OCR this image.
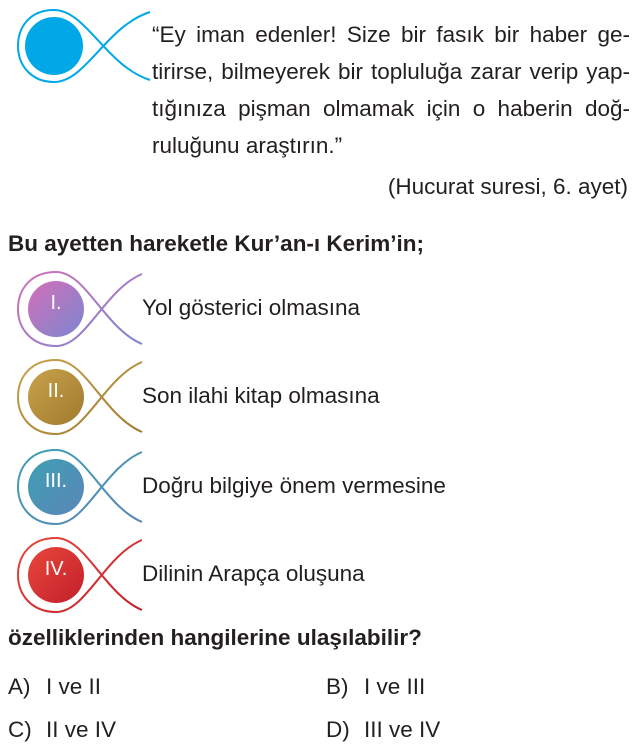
“Ey iman edenler! Size bir fasık bir haber ge-
tirirse, bilmeyerek bir topluluğa zarar verip yap-
tığınıza pişman olmamak için o haberin doğ-
ruluğunu araştırın.”
(Hucurat suresi, 6. ayet)
Bu ayetten hareketle Kur’an-ı Kerim’in;
I.	Yol gösterici olmasına
II.	Son ilahi kitap olmasına
III.	Doğru bilgiye önem vermesine
IV.	Dilinin Arapça oluşuna
özelliklerinden hangilerine ulaşılabilir?
A) I ve II	B) I ve III
C) II ve IV	D) III ve IV
